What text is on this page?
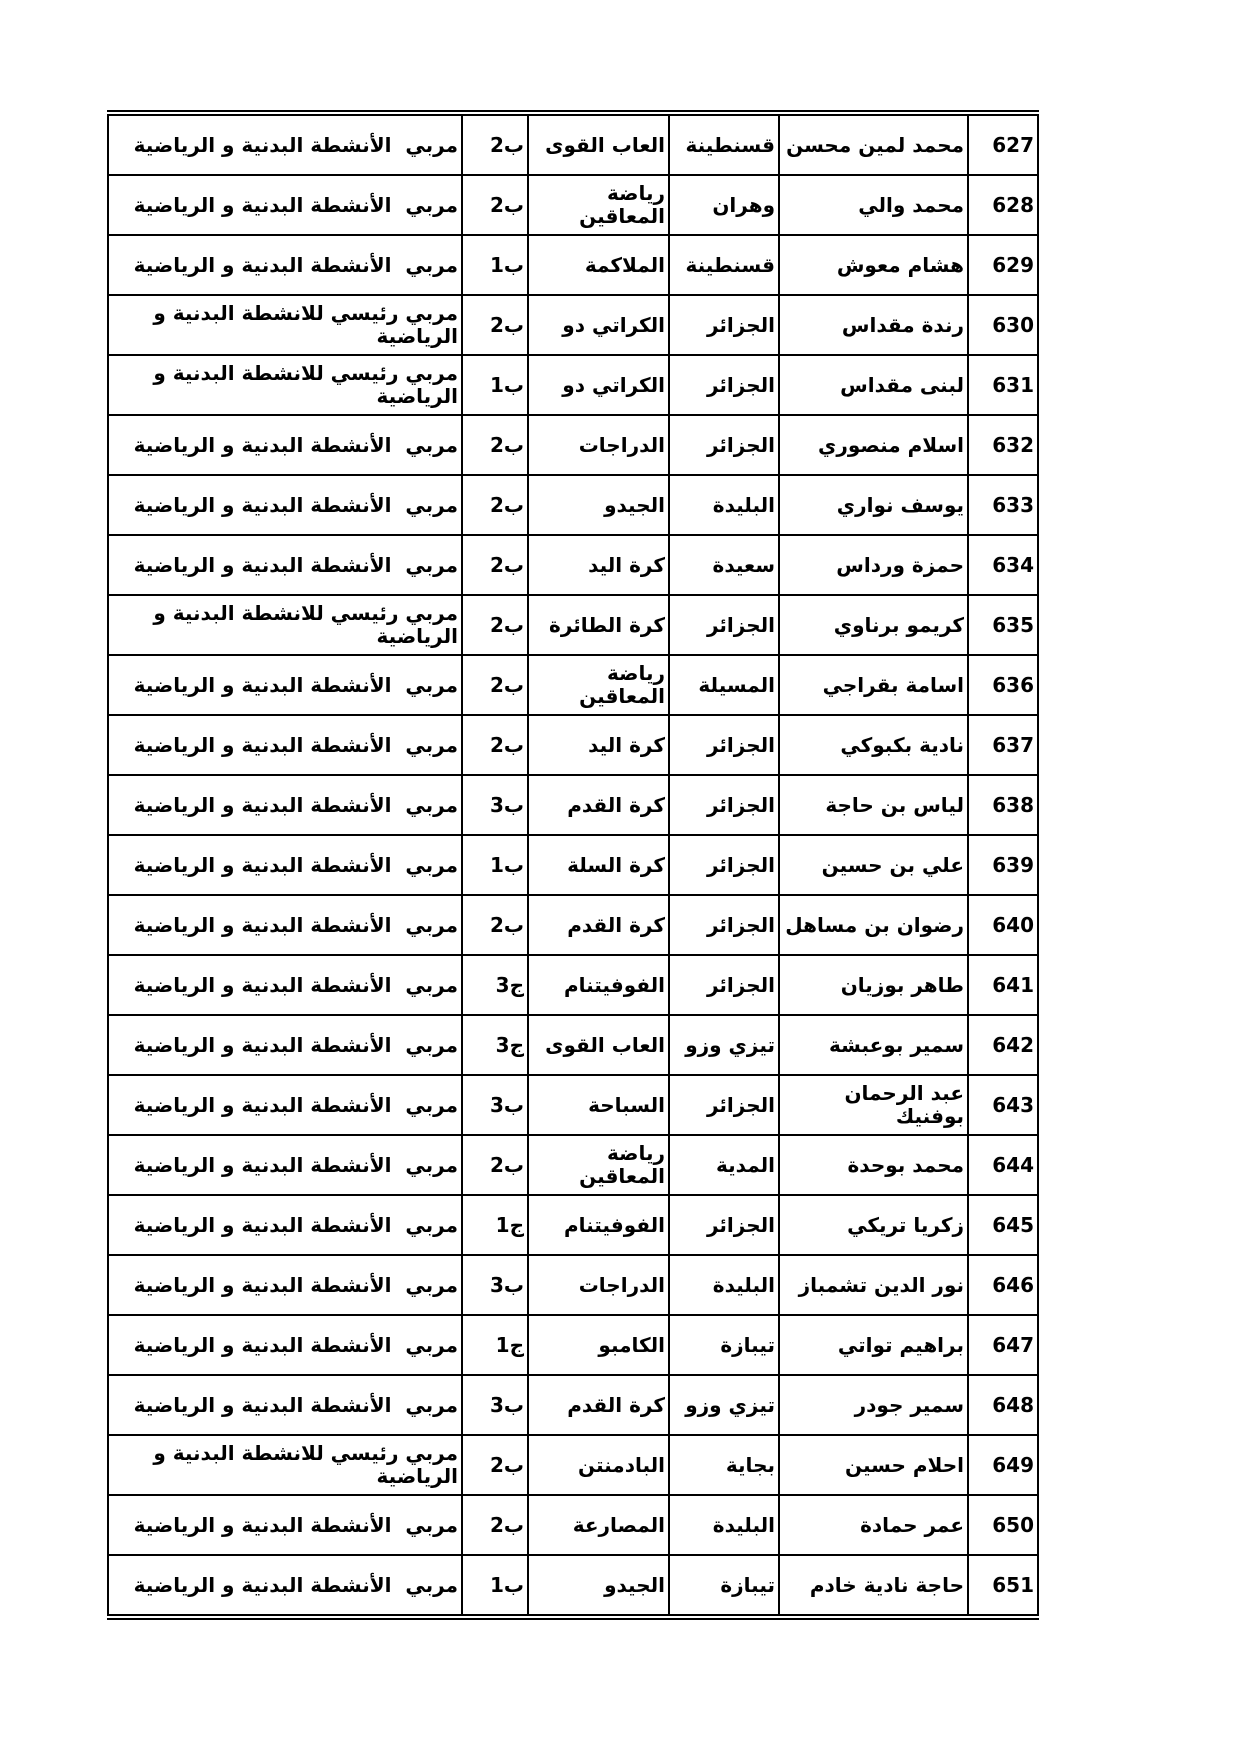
627	محمد لمين محسن	قسنطينة	العاب القوى	ب2	مربي  الأنشطة البدنية و الرياضية
628	محمد والي	وهران	رياضة المعاقين	ب2	مربي  الأنشطة البدنية و الرياضية
629	هشام معوش	قسنطينة	الملاكمة	ب1	مربي  الأنشطة البدنية و الرياضية
630	رندة مقداس	الجزائر	الكراتي دو	ب2	مربي رئيسي للانشطة البدنية و الرياضية
631	لبنى مقداس	الجزائر	الكراتي دو	ب1	مربي رئيسي للانشطة البدنية و الرياضية
632	اسلام منصوري	الجزائر	الدراجات	ب2	مربي  الأنشطة البدنية و الرياضية
633	يوسف نواري	البليدة	الجيدو	ب2	مربي  الأنشطة البدنية و الرياضية
634	حمزة ورداس	سعيدة	كرة اليد	ب2	مربي  الأنشطة البدنية و الرياضية
635	كريمو برناوي	الجزائر	كرة الطائرة	ب2	مربي رئيسي للانشطة البدنية و الرياضية
636	اسامة بقراجي	المسيلة	رياضة المعاقين	ب2	مربي  الأنشطة البدنية و الرياضية
637	نادية بكبوكي	الجزائر	كرة اليد	ب2	مربي  الأنشطة البدنية و الرياضية
638	لياس بن حاجة	الجزائر	كرة القدم	ب3	مربي  الأنشطة البدنية و الرياضية
639	علي بن حسين	الجزائر	كرة السلة	ب1	مربي  الأنشطة البدنية و الرياضية
640	رضوان بن مساهل	الجزائر	كرة القدم	ب2	مربي  الأنشطة البدنية و الرياضية
641	طاهر بوزيان	الجزائر	الفوفيتنام	ج3	مربي  الأنشطة البدنية و الرياضية
642	سمير بوعبشة	تيزي وزو	العاب القوى	ج3	مربي  الأنشطة البدنية و الرياضية
643	عبد الرحمان بوفنيك	الجزائر	السباحة	ب3	مربي  الأنشطة البدنية و الرياضية
644	محمد بوحدة	المدية	رياضة المعاقين	ب2	مربي  الأنشطة البدنية و الرياضية
645	زكريا تريكي	الجزائر	الفوفيتنام	ج1	مربي  الأنشطة البدنية و الرياضية
646	نور الدين تشمباز	البليدة	الدراجات	ب3	مربي  الأنشطة البدنية و الرياضية
647	براهيم تواتي	تيبازة	الكامبو	ج1	مربي  الأنشطة البدنية و الرياضية
648	سمير جودر	تيزي وزو	كرة القدم	ب3	مربي  الأنشطة البدنية و الرياضية
649	احلام حسين	بجاية	البادمنتن	ب2	مربي رئيسي للانشطة البدنية و الرياضية
650	عمر حمادة	البليدة	المصارعة	ب2	مربي  الأنشطة البدنية و الرياضية
651	حاجة نادية خادم	تيبازة	الجيدو	ب1	مربي  الأنشطة البدنية و الرياضية
